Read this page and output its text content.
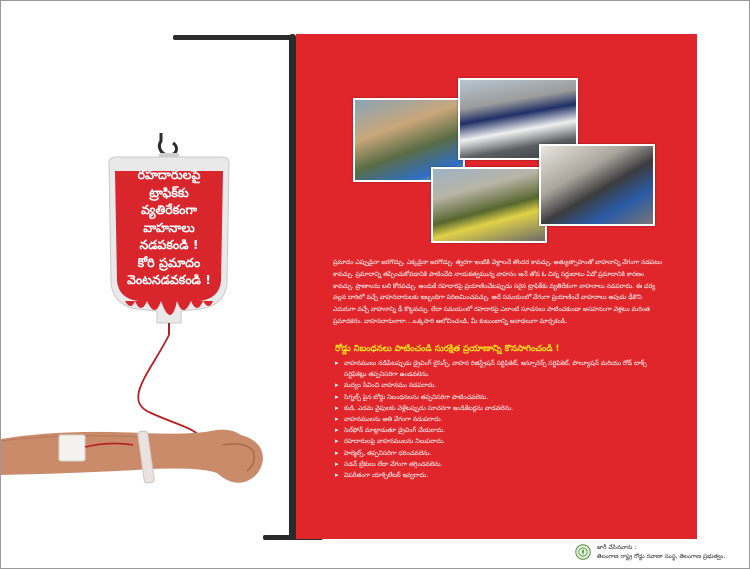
రహదారులపై
ట్రాఫిక్‌కు
వ్యతిరేకంగా
వాహనాలు
నడపకండి !
కోరి ప్రమాదం
వెంటనడవకండి !

ప్రమాదం ఎప్పుడైనా జరగొచ్చు, ఎక్కడైనా జరగొచ్చు. త్వరగా ఇంటికి వెళ్లాలనే తొందర కావచ్చు, అత్యుత్సాహంతో వాహనాన్ని వేగంగా నడపటం కావచ్చు. ప్రమాదాన్ని తప్పించుకోవడానికి పాటించేది నాయకత్వమున్న వాహనం అనే తోవ ఓ చిన్న సర్దుబాటు ఏదో ప్రమాదానికి కారణం కావచ్చు. ప్రాణాలను బలి కోరవచ్చు. అందుకే రహదారిపై ప్రయాణించేటప్పుడు సరైన ట్రాఫిక్‌కు వ్యతిరేకంగా వాహనాలు నడపరాదు. ఈ చర్య వల్లన దారిలో వచ్చే వాహనదారులకు ఇబ్బందిగా పరిణమించవచ్చు. అదే సమయంలో వేగంగా ప్రయాణించే వాహనాలు అపుడు ఢీకొని ఎదురుగా వచ్చే వాహనాన్ని ఢీ కొట్టవచ్చు. లేదా సమయంలో రహదారిపై ఎలాంటి సూచనలు పాటించకుండా అసహనంగా వెళ్లటం మరింత ప్రమాదకరం. వాహనదారులారా....ఒక్కసారి ఆలోచించండి, మీ కుటుంబాన్ని ఆనాథలుగా మార్చకండి.

రోడ్డు నిబంధనలు పాటించండి సురక్షిత ప్రయాణాన్ని కొనసాగించండి !
▸ వాహనములు నడిపేటప్పుడు డ్రైవింగ్ లైసెన్స్, వాహన రిజిస్ట్రేషన్ సర్టిఫికెట్, ఇన్సూరెన్స్ సర్టిఫికెట్, పొల్యూషన్ మరియు రోడ్ టాక్స్ సర్టిఫికెట్లు తప్పనిసరిగా ఉండవలెను.
▸ మద్యం సేవించి వాహనము నడపరాదు.
▸ సిగ్నల్స్ పైన బోర్డు నిబంధనలను తప్పనిసరిగా పాటించవలెను.
▸ కుడి, ఎడమ వైపులకు వెళ్లేటప్పుడు సూచనగా ఇండికేటర్లను వాడవలెను.
▸ వాహనములను అతి వేగంగా నడుపరాదు.
▸ సెల్‌ఫోన్ మాట్లాడుతూ డ్రైవింగ్ చేయరాదు.
▸ రహదారులపై వాహనములను నిలుపరాదు.
▸ హెల్మెట్స్, తప్పనిసరిగా ధరించవలెను.
▸ సడన్ బ్రేకులు లేదా వేగంగా తగ్గించవలెను.
▸ విపరీతంగా యాక్సిలేటర్ ఇవ్వరాదు.
జారీ చేసినవారు :
తెలంగాణ రాష్ట్ర రోడ్డు రవాణా సంస్థ, తెలంగాణ ప్రభుత్వం.
